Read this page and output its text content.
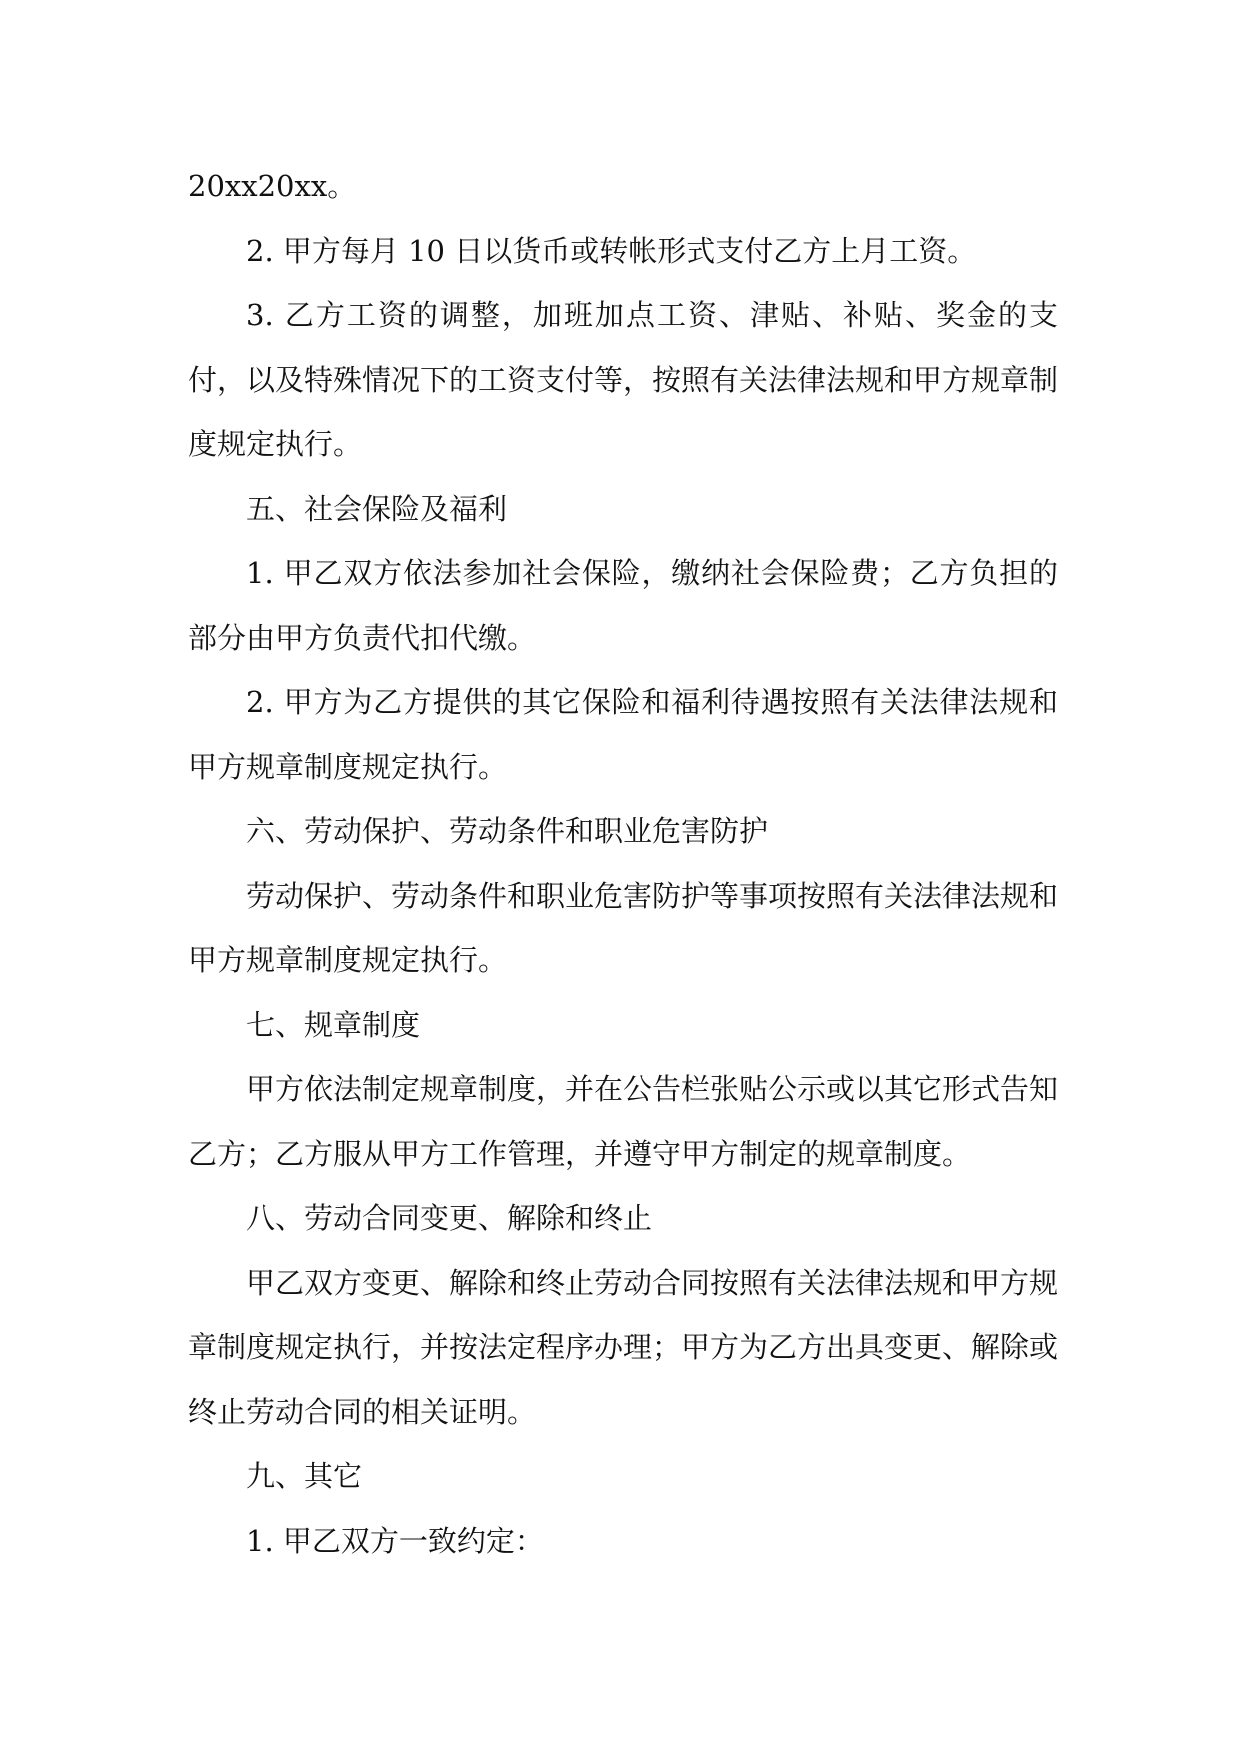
20xx20xx。

2. 甲方每月 10 日以货币或转帐形式支付乙方上月工资。

3. 乙方工资的调整，加班加点工资、津贴、补贴、奖金的支付，以及特殊情况下的工资支付等，按照有关法律法规和甲方规章制度规定执行。

五、社会保险及福利

1. 甲乙双方依法参加社会保险，缴纳社会保险费；乙方负担的部分由甲方负责代扣代缴。

2. 甲方为乙方提供的其它保险和福利待遇按照有关法律法规和甲方规章制度规定执行。

六、劳动保护、劳动条件和职业危害防护

劳动保护、劳动条件和职业危害防护等事项按照有关法律法规和甲方规章制度规定执行。

七、规章制度

甲方依法制定规章制度，并在公告栏张贴公示或以其它形式告知乙方；乙方服从甲方工作管理，并遵守甲方制定的规章制度。

八、劳动合同变更、解除和终止

甲乙双方变更、解除和终止劳动合同按照有关法律法规和甲方规章制度规定执行，并按法定程序办理；甲方为乙方出具变更、解除或终止劳动合同的相关证明。

九、其它

1. 甲乙双方一致约定：
